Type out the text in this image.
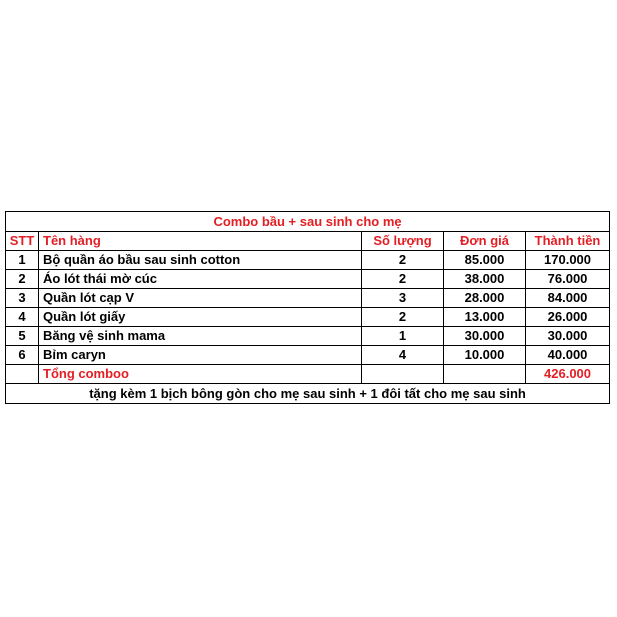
Combo bầu + sau sinh cho mẹ				
STT	Tên hàng	Số lượng	Đơn giá	Thành tiền
1	Bộ quần áo bầu sau sinh cotton	2	85.000	170.000
2	Áo lót thái mờ cúc	2	38.000	76.000
3	Quần lót cạp V	3	28.000	84.000
4	Quần lót giấy	2	13.000	26.000
5	Băng vệ sinh mama	1	30.000	30.000
6	Bỉm caryn	4	10.000	40.000
	Tổng comboo			426.000
tặng kèm 1 bịch bông gòn cho mẹ sau sinh + 1 đôi tất cho mẹ sau sinh				
